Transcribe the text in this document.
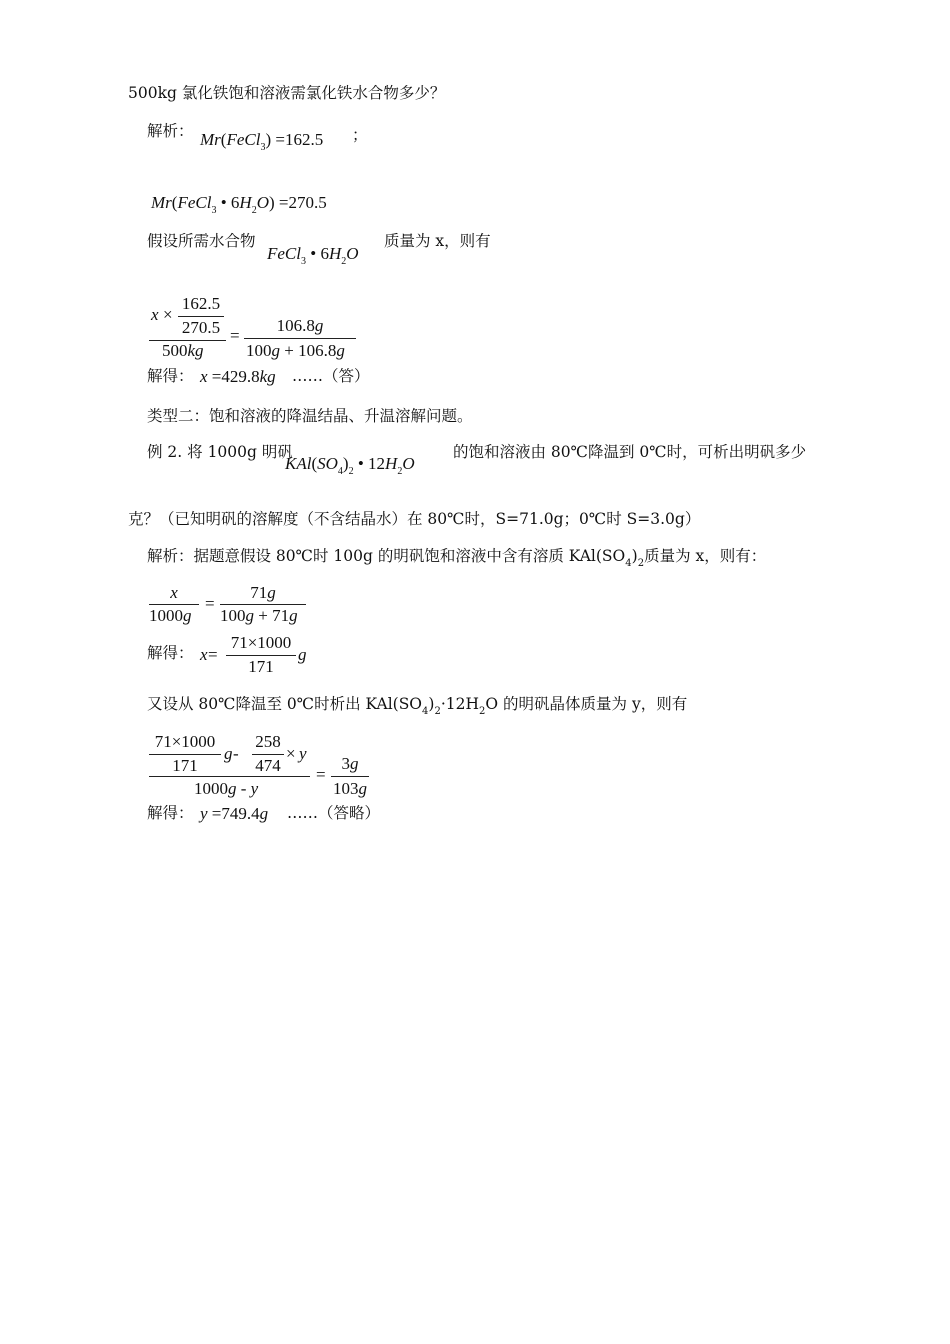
500kg 氯化铁饱和溶液需氯化铁水合物多少？
解析： Mr(FeCl$_3$) =162.5 ；
Mr(FeCl$_3$ • $6H_2O) =270.5$
假设所需水合物
FeCl$_3$ • $6H_2O$
质量为 x，则有
x ×
162.5
270.5
500kg
=
106.8g
100g + 106.8g
解得： x =429.8kg ……（答）
类型二：饱和溶液的降温结晶、升温溶解问题。
例 2. 将 1000g 明矾
$KAl(SO_4)_2$ • $12H_2O$
的饱和溶液由 80℃降温到 0℃时，可析出明矾多少
克？（已知明矾的溶解度（不含结晶水）在 80℃时，S=71.0g；0℃时 S=3.0g）
解析：据题意假设 80℃时 100g 的明矾饱和溶液中含有溶质 $KAl(SO_4)_2$质量为 x，则有：
x
1000g
=
71g
100g + 71g
解得： x =
71×1000
171
g
又设从 80℃降温至 0℃时析出 $KAl(SO_4)_2\cdot 12H_2O$ 的明矾晶体质量为 y，则有
71×1000
171
g -
258
474
× y
1000g - y
=
3g
103g
解得： y =749.4g ……（答略）
